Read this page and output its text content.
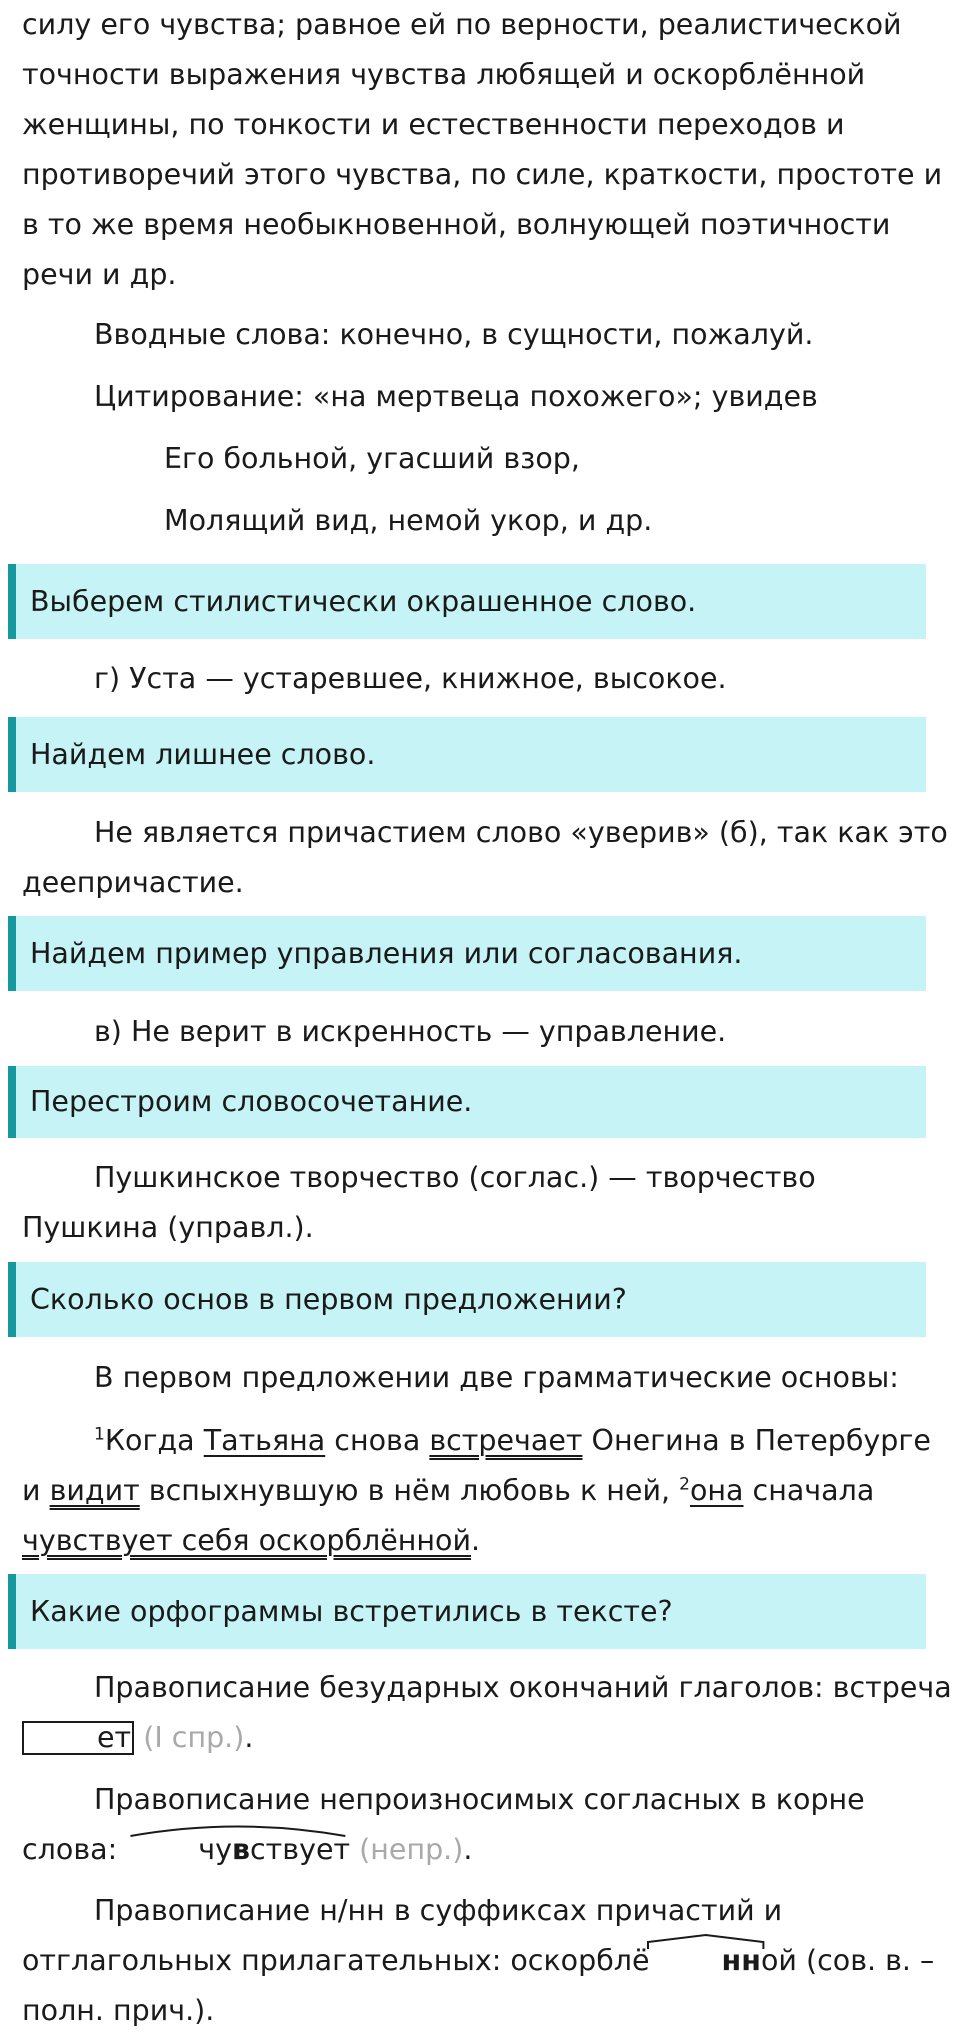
силу его чувства; равное ей по верности, реалистической точности выражения чувства любящей и оскорблённой женщины, по тонкости и естественности переходов и противоречий этого чувства, по силе, краткости, простоте и в то же время необыкновенной, волнующей поэтичности речи и др.

Вводные слова: конечно, в сущности, пожалуй.

Цитирование: «на мертвеца похожего»; увидев

Его больной, угасший взор,

Молящий вид, немой укор, и др.

Выберем стилистически окрашенное слово.

г) Уста — устаревшее, книжное, высокое.

Найдем лишнее слово.

Не является причастием слово «уверив» (б), так как это деепричастие.

Найдем пример управления или согласования.

в) Не верит в искренность — управление.

Перестроим словосочетание.

Пушкинское творчество (соглас.) — творчество Пушкина (управл.).

Сколько основ в первом предложении?

В первом предложении две грамматические основы:

$^1$Когда Татьяна снова встречает Онегина в Петербурге и видит вспыхнувшую в нём любовь к ней, $^2$она сначала чувствует себя оскорблённой.

Какие орфограммы встретились в тексте?

Правописание безударных окончаний глаголов: встречает (I спр.).

Правописание непроизносимых согласных в корне слова:	чувствует (непр.).

Правописание н/нн в суффиксах причастий и отглагольных прилагательных: оскорблё	нной (сов. в. – полн. прич.).
